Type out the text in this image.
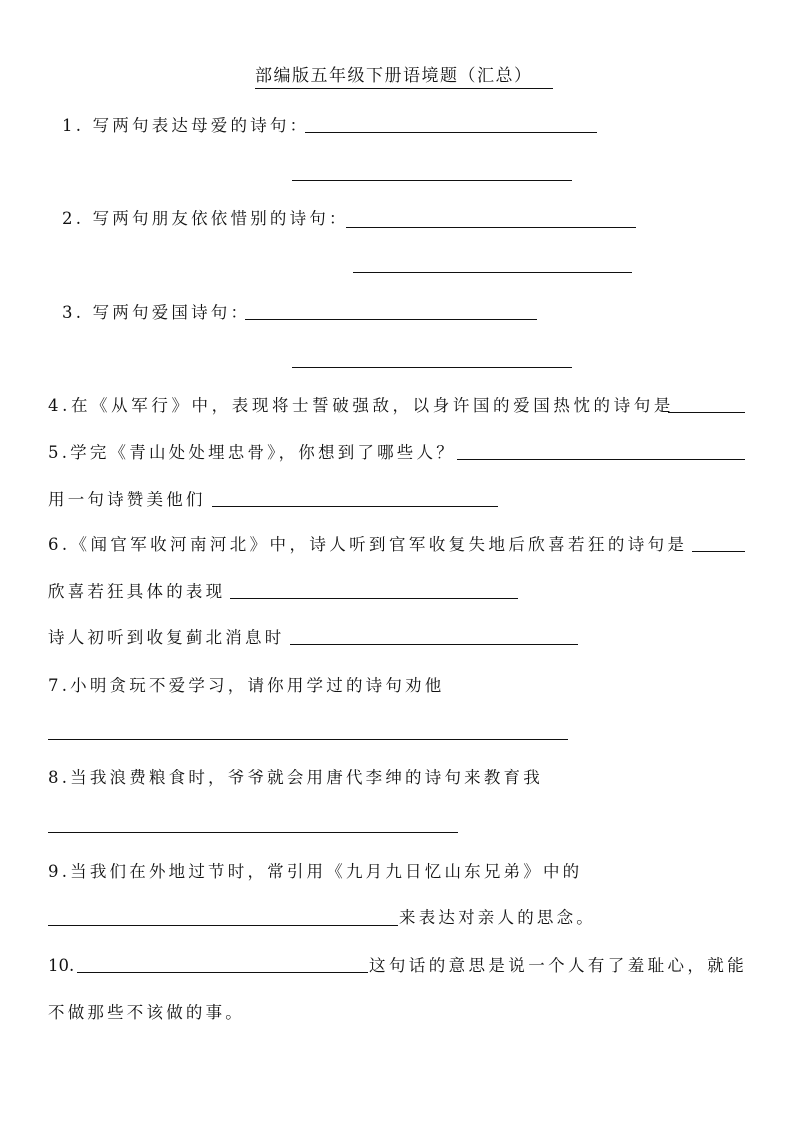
部编版五年级下册语境题（汇总）
1. 写两句表达母爱的诗句：
2. 写两句朋友依依惜别的诗句：
3. 写两句爱国诗句：
4.在《从军行》中，表现将士誓破强敌，以身许国的爱国热忱的诗句是
5.学完《青山处处埋忠骨》，你想到了哪些人？
用一句诗赞美他们
6.《闻官军收河南河北》中，诗人听到官军收复失地后欣喜若狂的诗句是
欣喜若狂具体的表现
诗人初听到收复蓟北消息时
7.小明贪玩不爱学习，请你用学过的诗句劝他
8.当我浪费粮食时，爷爷就会用唐代李绅的诗句来教育我
9.当我们在外地过节时，常引用《九月九日忆山东兄弟》中的
来表达对亲人的思念。
10.	这句话的意思是说一个人有了羞耻心，就能
不做那些不该做的事。
